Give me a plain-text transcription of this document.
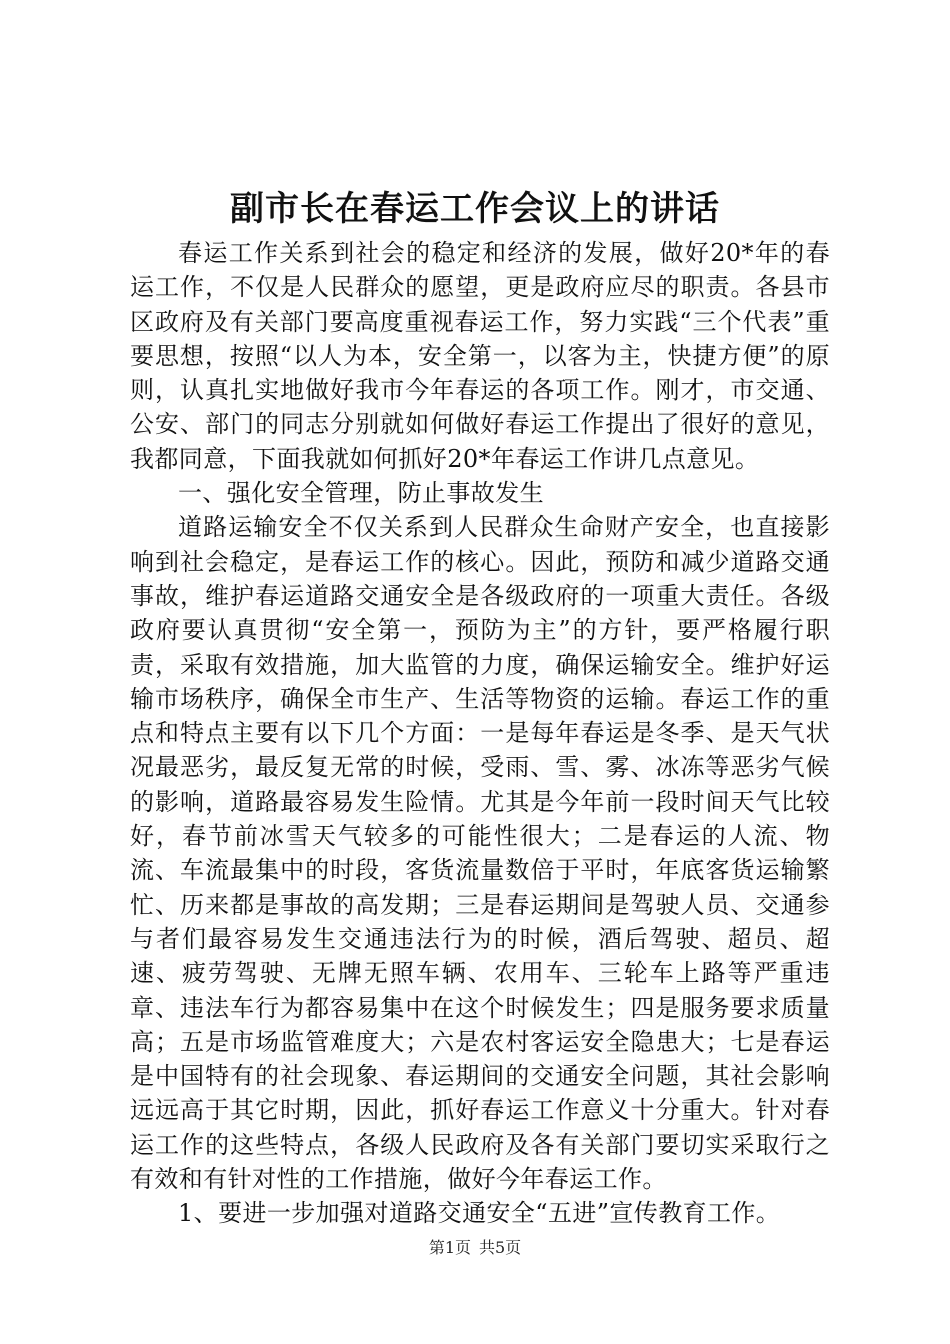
副市长在春运工作会议上的讲话

春运工作关系到社会的稳定和经济的发展，做好20*年的春运工作，不仅是人民群众的愿望，更是政府应尽的职责。各县市区政府及有关部门要高度重视春运工作，努力实践“三个代表”重要思想，按照“以人为本，安全第一，以客为主，快捷方便”的原则，认真扎实地做好我市今年春运的各项工作。刚才，市交通、公安、部门的同志分别就如何做好春运工作提出了很好的意见，我都同意，下面我就如何抓好20*年春运工作讲几点意见。

一、强化安全管理，防止事故发生

道路运输安全不仅关系到人民群众生命财产安全，也直接影响到社会稳定，是春运工作的核心。因此，预防和减少道路交通事故，维护春运道路交通安全是各级政府的一项重大责任。各级政府要认真贯彻“安全第一，预防为主”的方针，要严格履行职责，采取有效措施，加大监管的力度，确保运输安全。维护好运输市场秩序，确保全市生产、生活等物资的运输。春运工作的重点和特点主要有以下几个方面：一是每年春运是冬季、是天气状况最恶劣，最反复无常的时候，受雨、雪、雾、冰冻等恶劣气候的影响，道路最容易发生险情。尤其是今年前一段时间天气比较好，春节前冰雪天气较多的可能性很大；二是春运的人流、物流、车流最集中的时段，客货流量数倍于平时，年底客货运输繁忙、历来都是事故的高发期；三是春运期间是驾驶人员、交通参与者们最容易发生交通违法行为的时候，酒后驾驶、超员、超速、疲劳驾驶、无牌无照车辆、农用车、三轮车上路等严重违章、违法车行为都容易集中在这个时候发生；四是服务要求质量高；五是市场监管难度大；六是农村客运安全隐患大；七是春运是中国特有的社会现象、春运期间的交通安全问题，其社会影响远远高于其它时期，因此，抓好春运工作意义十分重大。针对春运工作的这些特点，各级人民政府及各有关部门要切实采取行之有效和有针对性的工作措施，做好今年春运工作。

1、要进一步加强对道路交通安全“五进”宣传教育工作。

第1页 共5页
